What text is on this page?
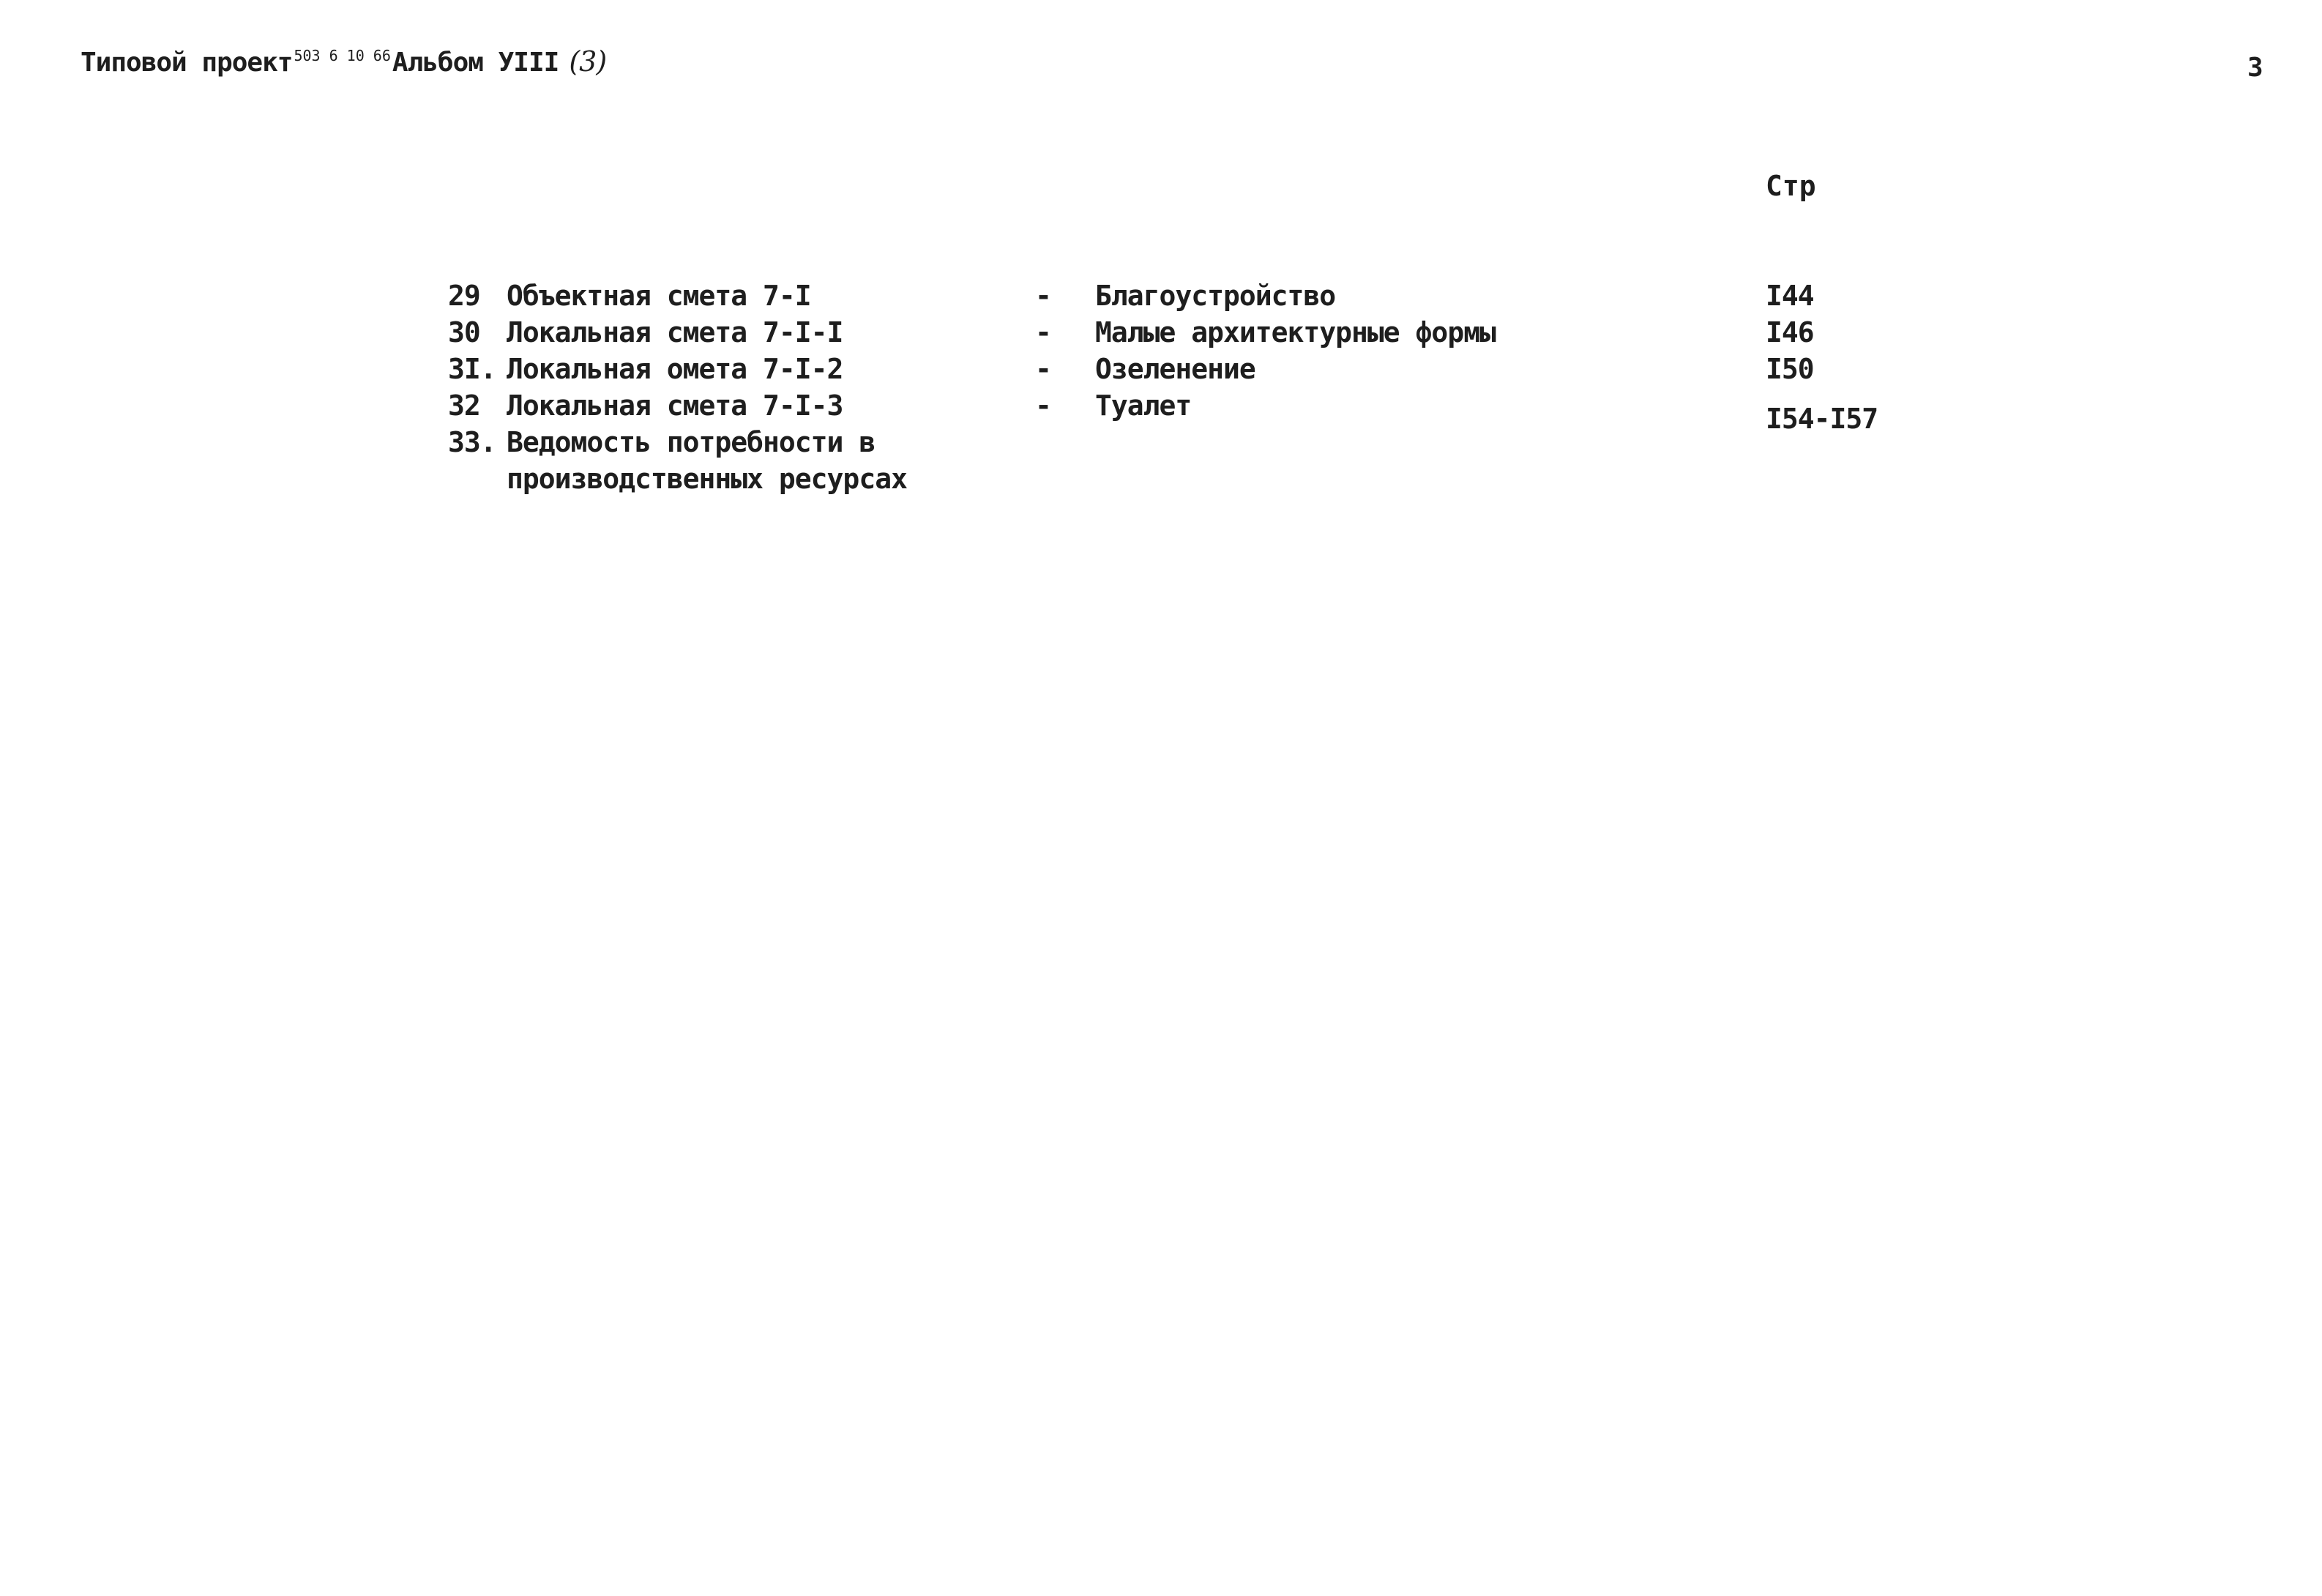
Типовой проект $^{503 6 10 66}$Альбом УIII (3)	3
Стр
29 Объектная смета 7-I	- Благоустройство	I44
30 Локальная смета 7-I-I	- Малые архитектурные формы	I46
3I. Локальная омета 7-I-2	- Озеленение	I50
32 Локальная смета 7-I-3	- Туалет	I54-I57
33. Ведомость потребности в
производственных ресурсах
